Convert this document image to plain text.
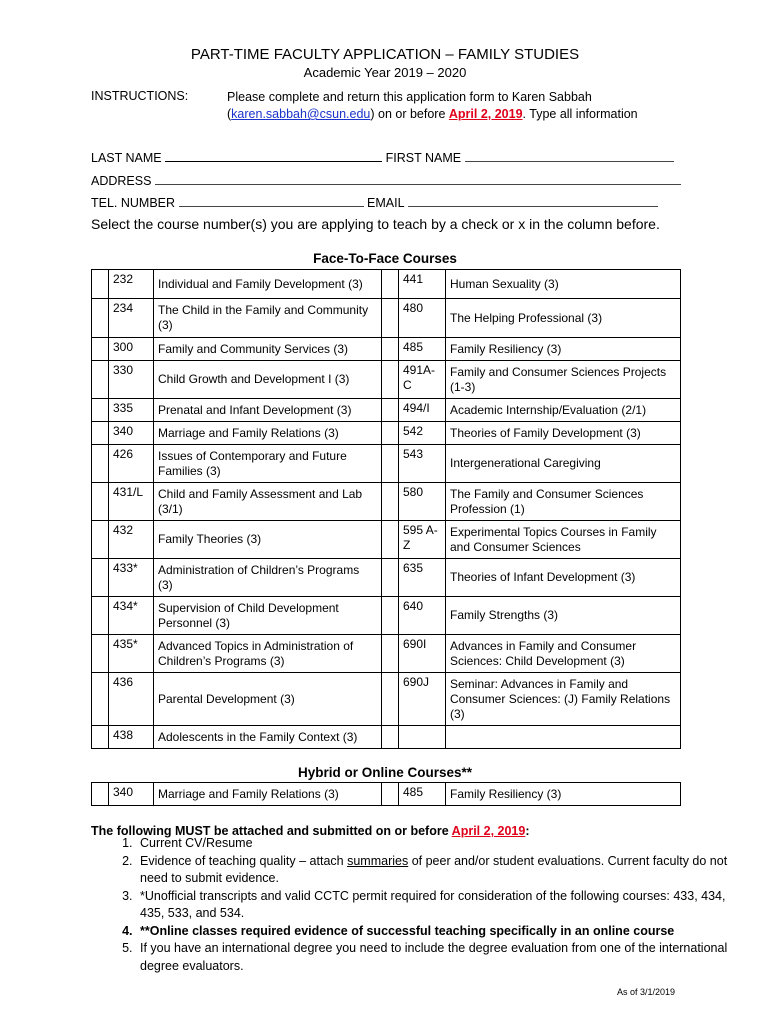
PART-TIME FACULTY APPLICATION – FAMILY STUDIES
Academic Year 2019 – 2020
INSTRUCTIONS:	Please complete and return this application form to Karen Sabbah
(karen.sabbah@csun.edu) on or before April 2, 2019. Type all information
LAST NAME	FIRST NAME
ADDRESS
TEL. NUMBER	EMAIL
Select the course number(s) you are applying to teach by a check or x in the column before.
Face-To-Face Courses
	232	Individual and Family Development (3)		441	Human Sexuality (3)
	234	The Child in the Family and Community (3)		480	The Helping Professional (3)
	300	Family and Community Services (3)		485	Family Resiliency (3)
	330	Child Growth and Development I (3)		491A-C	Family and Consumer Sciences Projects (1-3)
	335	Prenatal and Infant Development (3)		494/I	Academic Internship/Evaluation (2/1)
	340	Marriage and Family Relations (3)		542	Theories of Family Development (3)
	426	Issues of Contemporary and Future Families (3)		543	Intergenerational Caregiving
	431/L	Child and Family Assessment and Lab (3/1)		580	The Family and Consumer Sciences Profession (1)
	432	Family Theories (3)		595 A-Z	Experimental Topics Courses in Family and Consumer Sciences
	433*	Administration of Children’s Programs (3)		635	Theories of Infant Development (3)
	434*	Supervision of Child Development Personnel (3)		640	Family Strengths (3)
	435*	Advanced Topics in Administration of Children’s Programs (3)		690I	Advances in Family and Consumer Sciences: Child Development (3)
	436	Parental Development (3)		690J	Seminar: Advances in Family and Consumer Sciences: (J) Family Relations (3)
	438	Adolescents in the Family Context (3)			
Hybrid or Online Courses**
	340	Marriage and Family Relations (3)		485	Family Resiliency (3)
The following MUST be attached and submitted on or before April 2, 2019:
1. Current CV/Resume
2. Evidence of teaching quality – attach summaries of peer and/or student evaluations. Current faculty do not need to submit evidence.
3. *Unofficial transcripts and valid CCTC permit required for consideration of the following courses: 433, 434, 435, 533, and 534.
4. **Online classes required evidence of successful teaching specifically in an online course
5. If you have an international degree you need to include the degree evaluation from one of the international degree evaluators.
As of 3/1/2019
